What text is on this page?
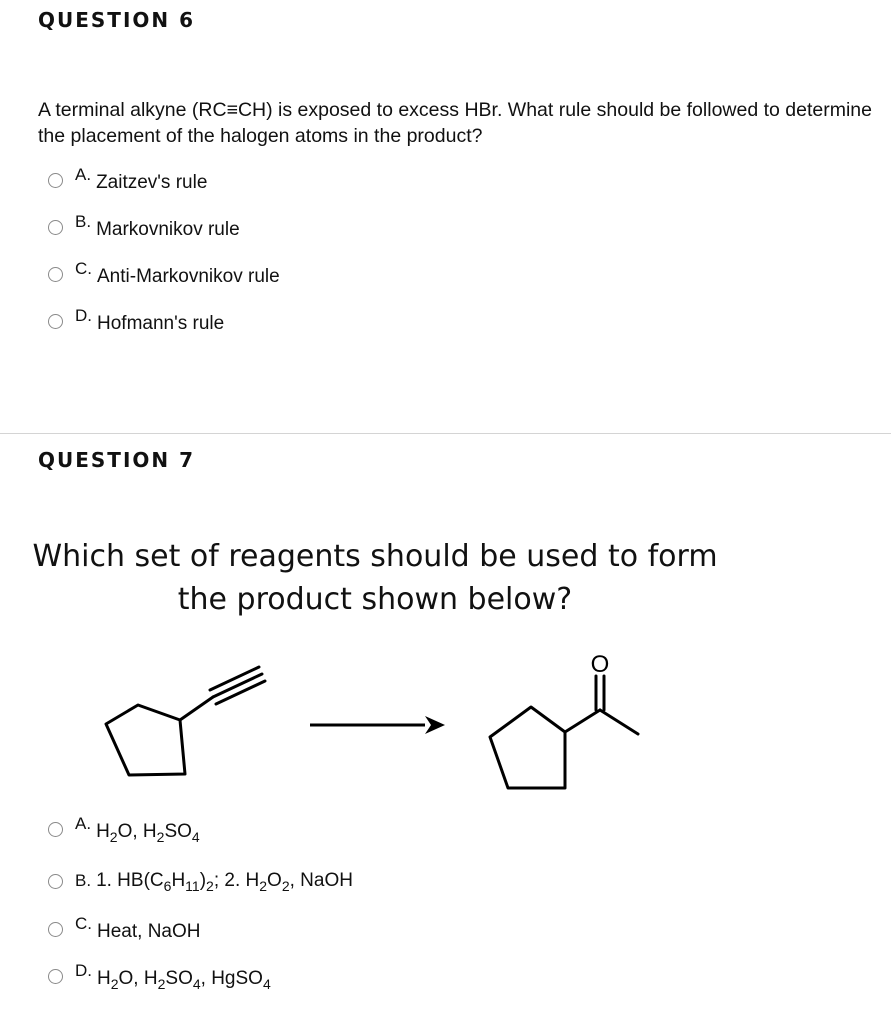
QUESTION 6
A terminal alkyne (RC≡CH) is exposed to excess HBr. What rule should be followed to determine the placement of the halogen atoms in the product?
A. Zaitzev's rule
B. Markovnikov rule
C. Anti-Markovnikov rule
D. Hofmann's rule
QUESTION 7
Which set of reagents should be used to form
the product shown below?
O
A. $H_2O$, $H_2SO_4$
B. 1. $HB(C_6H_{11})_2$; 2. $H_2O_2$, NaOH
C. Heat, NaOH
D. $H_2O$, $H_2SO_4$, HgSO$_4$
